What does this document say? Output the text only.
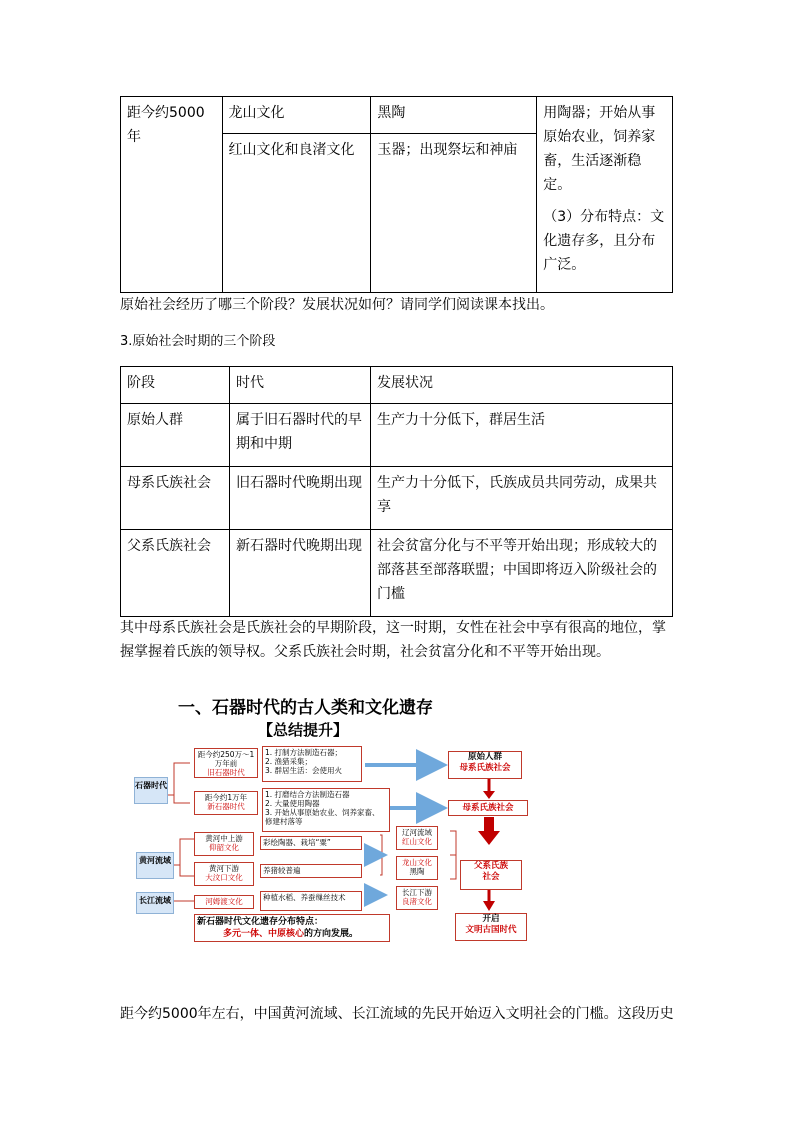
距今约5000年	龙山文化	黑陶	用陶器；开始从事原始农业，饲养家畜，生活逐渐稳定。

（3）分布特点：文化遗存多，且分布广泛。

	红山文化和良渚文化	玉器；出现祭坛和神庙	
原始社会经历了哪三个阶段？发展状况如何？请同学们阅读课本找出。
3.原始社会时期的三个阶段
阶段	时代	发展状况
原始人群	属于旧石器时代的早期和中期	生产力十分低下，群居生活
母系氏族社会	旧石器时代晚期出现	生产力十分低下，氏族成员共同劳动，成果共享
父系氏族社会	新石器时代晚期出现	社会贫富分化与不平等开始出现；形成较大的部落甚至部落联盟；中国即将迈入阶级社会的门槛
其中母系氏族社会是氏族社会的早期阶段，这一时期，女性在社会中享有很高的地位，掌握掌握着氏族的领导权。父系氏族社会时期，社会贫富分化和不平等开始出现。
一、石器时代的古人类和文化遗存
【总结提升】
石器时代
黄河流域
长江流域
距今约250万～1万年前
旧石器时代
距今约1万年
新石器时代
1. 打制方法制造石器；
2. 渔猎采集；
3. 群居生活：会使用火
1. 打磨结合方法制造石器
2. 大量使用陶器
3. 开始从事原始农业、饲养家畜、修建村落等
黄河中上游
仰韶文化
黄河下游
大汶口文化
彩绘陶器、栽培“粟”
养猪较普遍
河姆渡文化	种植水稻、养蚕缫丝技术
辽河流域
红山文化
龙山文化
黑陶
长江下游
良渚文化
新石器时代文化遗存分布特点：
多元一体、中原核心的方向发展。
原始人群
母系氏族社会
母系氏族社会
父系氏族
社会
开启
文明古国时代
距今约5000年左右，中国黄河流域、长江流域的先民开始迈入文明社会的门槛。这段历史
